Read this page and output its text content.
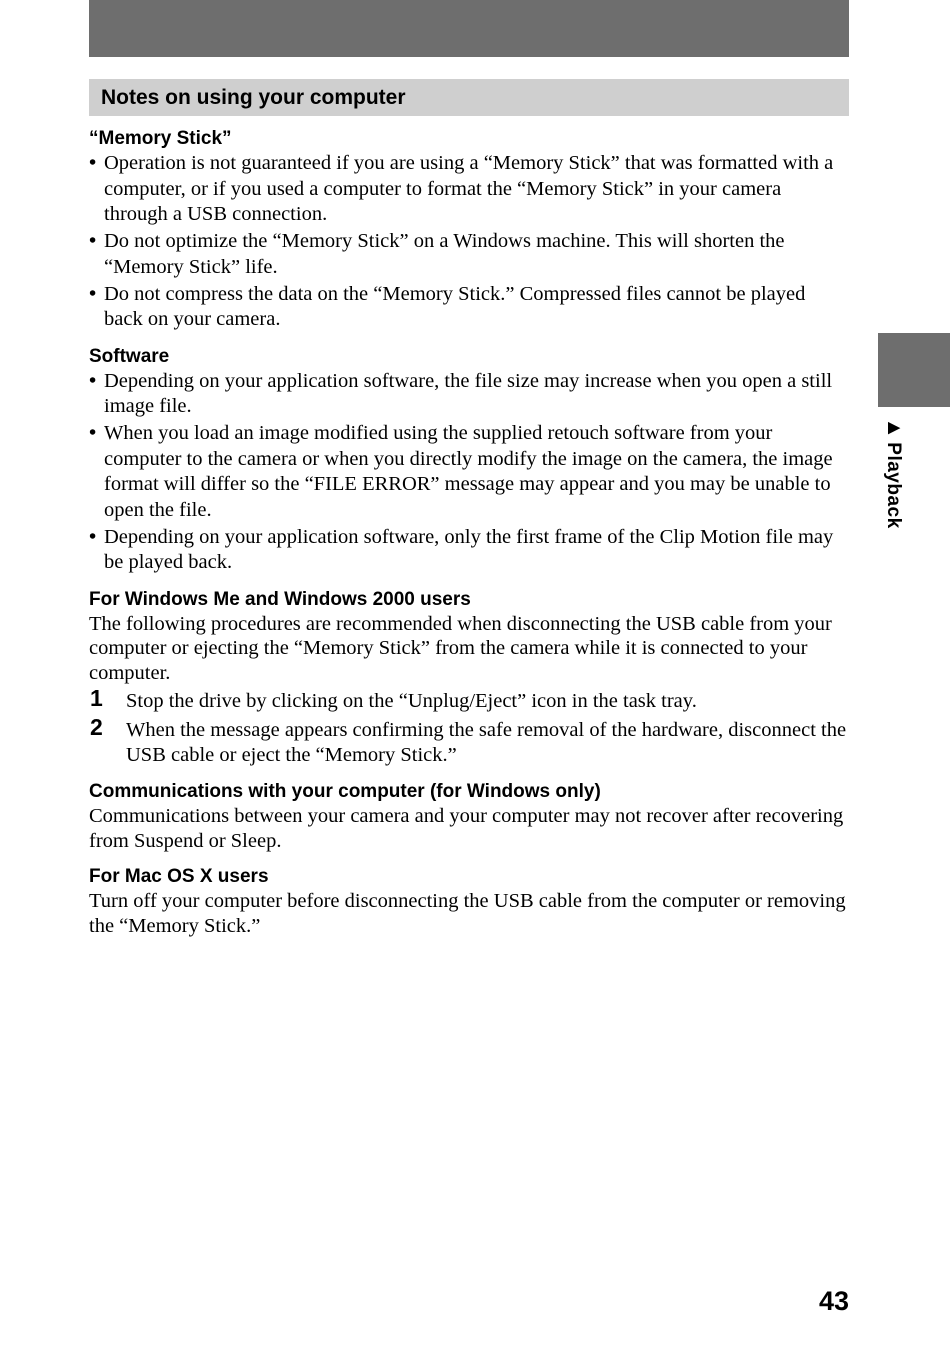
Notes on using your computer
▶ Playback

“Memory Stick”

• Operation is not guaranteed if you are using a “Memory Stick” that was formatted with a computer, or if you used a computer to format the “Memory Stick” in your camera through a USB connection.
• Do not optimize the “Memory Stick” on a Windows machine. This will shorten the “Memory Stick” life.
• Do not compress the data on the “Memory Stick.” Compressed files cannot be played back on your camera.

Software

• Depending on your application software, the file size may increase when you open a still image file.
• When you load an image modified using the supplied retouch software from your computer to the camera or when you directly modify the image on the camera, the image format will differ so the “FILE ERROR” message may appear and you may be unable to open the file.
• Depending on your application software, only the first frame of the Clip Motion file may be played back.

For Windows Me and Windows 2000 users

The following procedures are recommended when disconnecting the USB cable from your computer or ejecting the “Memory Stick” from the camera while it is connected to your computer.

1 Stop the drive by clicking on the “Unplug/Eject” icon in the task tray.
2 When the message appears confirming the safe removal of the hardware, disconnect the USB cable or eject the “Memory Stick.”

Communications with your computer (for Windows only)

Communications between your camera and your computer may not recover after recovering from Suspend or Sleep.

For Mac OS X users

Turn off your computer before disconnecting the USB cable from the computer or removing the “Memory Stick.”

43
